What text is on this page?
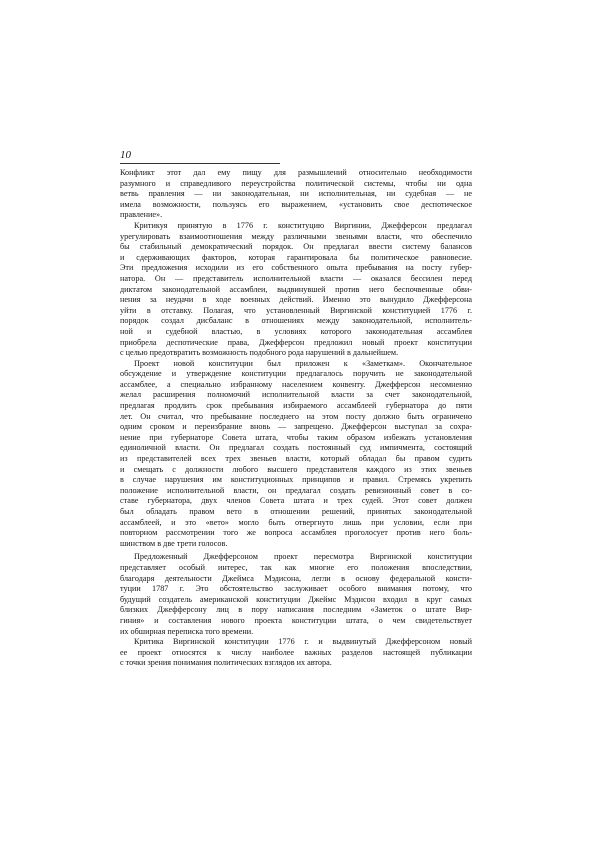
10
Конфликт этот дал ему пищу для размышлений относительно необходимости
разумного и справедливого переустройства политической системы, чтобы ни одна
ветвь правления — ни законодательная, ни исполнительная, ни судебная — не
имела возможности, пользуясь его выражением, «установить свое деспотическое
правление».
Критикуя принятую в 1776 г. конституцию Виргинии, Джефферсон предлагал
урегулировать взаимоотношения между различными звеньями власти, что обеспечило
бы стабильный демократический порядок. Он предлагал ввести систему балансов
и сдерживающих факторов, которая гарантировала бы политическое равновесие.
Эти предложения исходили из его собственного опыта пребывания на посту губер-
натора. Он — представитель исполнительной власти — оказался бессилен перед
диктатом законодательной ассамблеи, выдвинувшей против него беспочвенные обви-
нения за неудачи в ходе военных действий. Именно это вынудило Джефферсона
уйти в отставку. Полагая, что установленный Виргинской конституцией 1776 г.
порядок создал дисбаланс в отношениях между законодательной, исполнитель-
ной и судебной властью, в условиях которого законодательная ассамблея
приобрела деспотические права, Джефферсон предложил новый проект конституции
с целью предотвратить возможность подобного рода нарушений в дальнейшем.
Проект новой конституции был приложен к «Заметкам». Окончательное
обсуждение и утверждение конституции предлагалось поручить не законодательной
ассамблее, а специально избранному населением конвенту. Джефферсон несомненно
желал расширения полномочий исполнительной власти за счет законодательной,
предлагая продлить срок пребывания избираемого ассамблеей губернатора до пяти
лет. Он считал, что пребывание последнего на этом посту должно быть ограничено
одним сроком и переизбрание вновь — запрещено. Джефферсон выступал за сохра-
нение при губернаторе Совета штата, чтобы таким образом избежать установления
единоличной власти. Он предлагал создать постоянный суд импичмента, состоящий
из представителей всех трех звеньев власти, который обладал бы правом судить
и смещать с должности любого высшего представителя каждого из этих звеньев
в случае нарушения им конституционных принципов и правил. Стремясь укрепить
положение исполнительной власти, он предлагал создать ревизионный совет в со-
ставе губернатора, двух членов Совета штата и трех судей. Этот совет должен
был обладать правом вето в отношении решений, принятых законодательной
ассамблеей, и это «вето» могло быть отвергнуто лишь при условии, если при
повторном рассмотрении того же вопроса ассамблея проголосует против него боль-
шинством в две трети голосов.
Предложенный Джефферсоном проект пересмотра Виргинской конституции
представляет особый интерес, так как многие его положения впоследствии,
благодаря деятельности Джеймса Мэдисона, легли в основу федеральной консти-
туции 1787 г. Это обстоятельство заслуживает особого внимания потому, что
будущий создатель американской конституции Джеймс Мэдисон входил в круг самых
близких Джефферсону лиц в пору написания последним «Заметок о штате Вир-
гиния» и составления нового проекта конституции штата, о чем свидетельствует
их обширная переписка того времени.
Критика Виргинской конституции 1776 г. и выдвинутый Джефферсоном новый
ее проект относятся к числу наиболее важных разделов настоящей публикации
с точки зрения понимания политических взглядов их автора.
